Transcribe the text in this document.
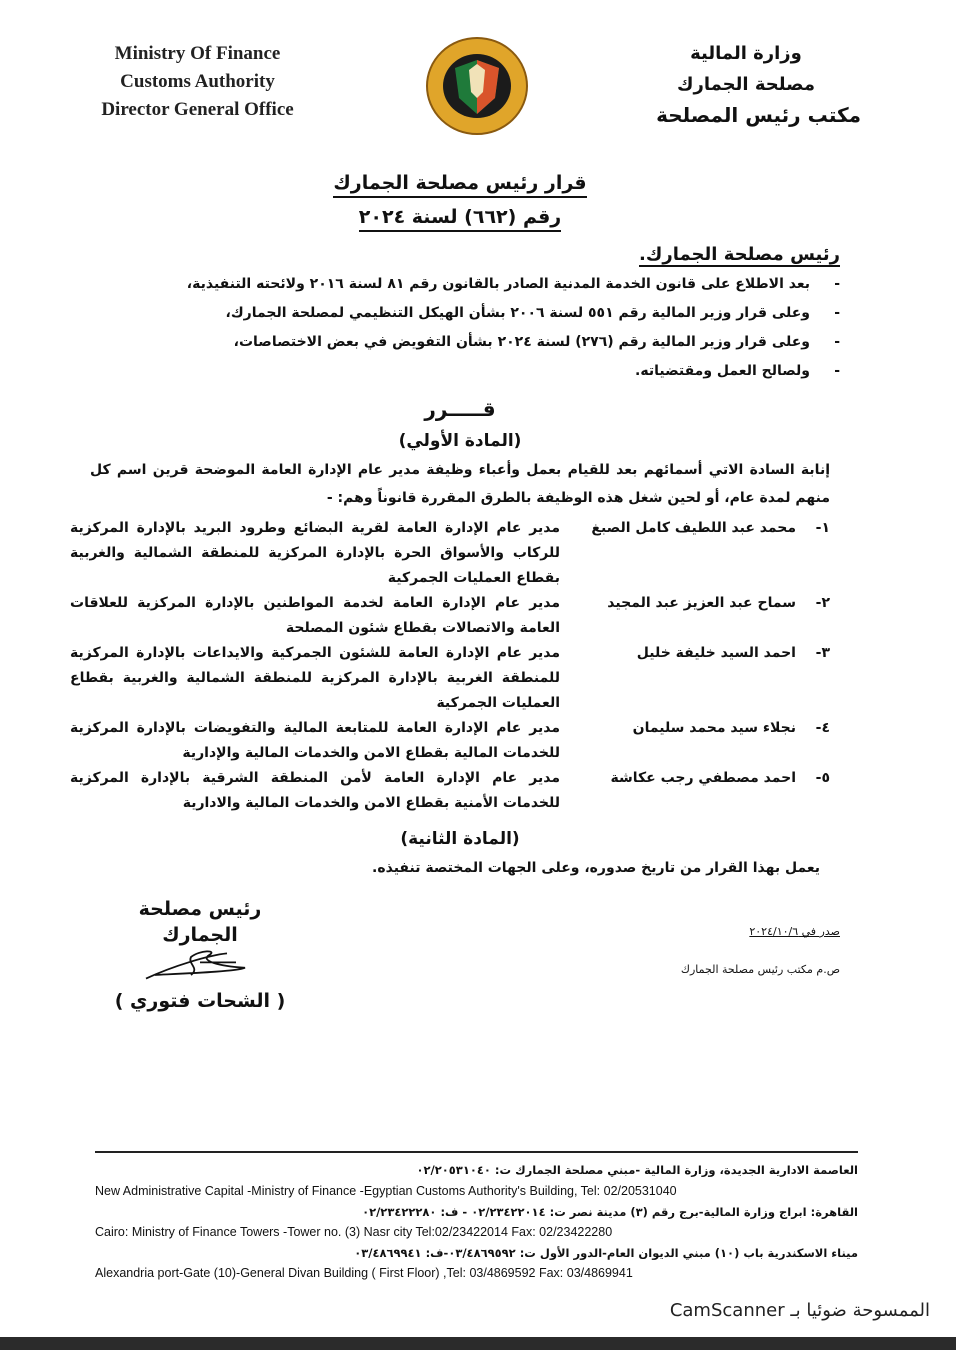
Ministry Of Finance
Customs Authority
Director General Office
وزارة المالية
مصلحة الجمارك
مكتب رئيس المصلحة
قرار رئيس مصلحة الجمارك
رقم (٦٦٢) لسنة ٢٠٢٤
رئيس مصلحة الجمارك.
- بعد الاطلاع على قانون الخدمة المدنية الصادر بالقانون رقم ٨١ لسنة ٢٠١٦ ولائحته التنفيذية،
- وعلى قرار وزير المالية رقم ٥٥١ لسنة ٢٠٠٦ بشأن الهيكل التنظيمي لمصلحة الجمارك،
- وعلى قرار وزير المالية رقم (٢٧٦) لسنة ٢٠٢٤ بشأن التفويض في بعض الاختصاصات،
- ولصالح العمل ومقتضياته.
قـــــرر
(المادة الأولي)
إنابة السادة الاتي أسمائهم بعد للقيام بعمل وأعباء وظيفة مدير عام الإدارة العامة الموضحة قرين اسم كل منهم لمدة عام، أو لحين شغل هذه الوظيفة بالطرق المقررة قانوناً وهم: -
١-
محمد عبد اللطيف كامل الصبغ
مدير عام الإدارة العامة لقرية البضائع وطرود البريد بالإدارة المركزية للركاب والأسواق الحرة بالإدارة المركزية للمنطقة الشمالية والغربية بقطاع العمليات الجمركية
٢-
سماح عبد العزيز عبد المجيد
مدير عام الإدارة العامة لخدمة المواطنين بالإدارة المركزية للعلاقات العامة والاتصالات بقطاع شئون المصلحة
٣-
احمد السيد خليفة خليل
مدير عام الإدارة العامة للشئون الجمركية والايداعات بالإدارة المركزية للمنطقة الغربية بالإدارة المركزية للمنطقة الشمالية والغربية بقطاع العمليات الجمركية
٤-
نجلاء سيد محمد سليمان
مدير عام الإدارة العامة للمتابعة المالية والتفويضات بالإدارة المركزية للخدمات المالية بقطاع الامن والخدمات المالية والإدارية
٥-
احمد مصطفي رجب عكاشة
مدير عام الإدارة العامة لأمن المنطقة الشرقية بالإدارة المركزية للخدمات الأمنية بقطاع الامن والخدمات المالية والادارية
(المادة الثانية)
يعمل بهذا القرار من تاريخ صدوره، وعلى الجهات المختصة تنفيذه.
صدر في ٢٠٢٤/١٠/٦
ص.م مكتب رئيس مصلحة الجمارك
رئيس مصلحة الجمارك
( الشحات فتوري )
العاصمة الادارية الجديدة، وزارة المالية -مبني مصلحة الجمارك ت: ٠٢/٢٠٥٣١٠٤٠
New Administrative Capital -Ministry of Finance -Egyptian Customs Authority's Building, Tel: 02/20531040
القاهرة: ابراج وزارة المالية-برج رقم (٣) مدينة نصر ت: ٠٢/٢٣٤٢٢٠١٤ - ف: ٠٢/٢٣٤٢٢٢٨٠
Cairo: Ministry of Finance Towers -Tower no. (3) Nasr city Tel:02/23422014 Fax: 02/23422280
ميناء الاسكندرية باب (١٠) مبني الديوان العام-الدور الأول ت: ٠٣/٤٨٦٩٥٩٢-ف: ٠٣/٤٨٦٩٩٤١
Alexandria port-Gate (10)-General Divan Building ( First Floor) ,Tel: 03/4869592 Fax: 03/4869941
الممسوحة ضوئيا بـ CamScanner
